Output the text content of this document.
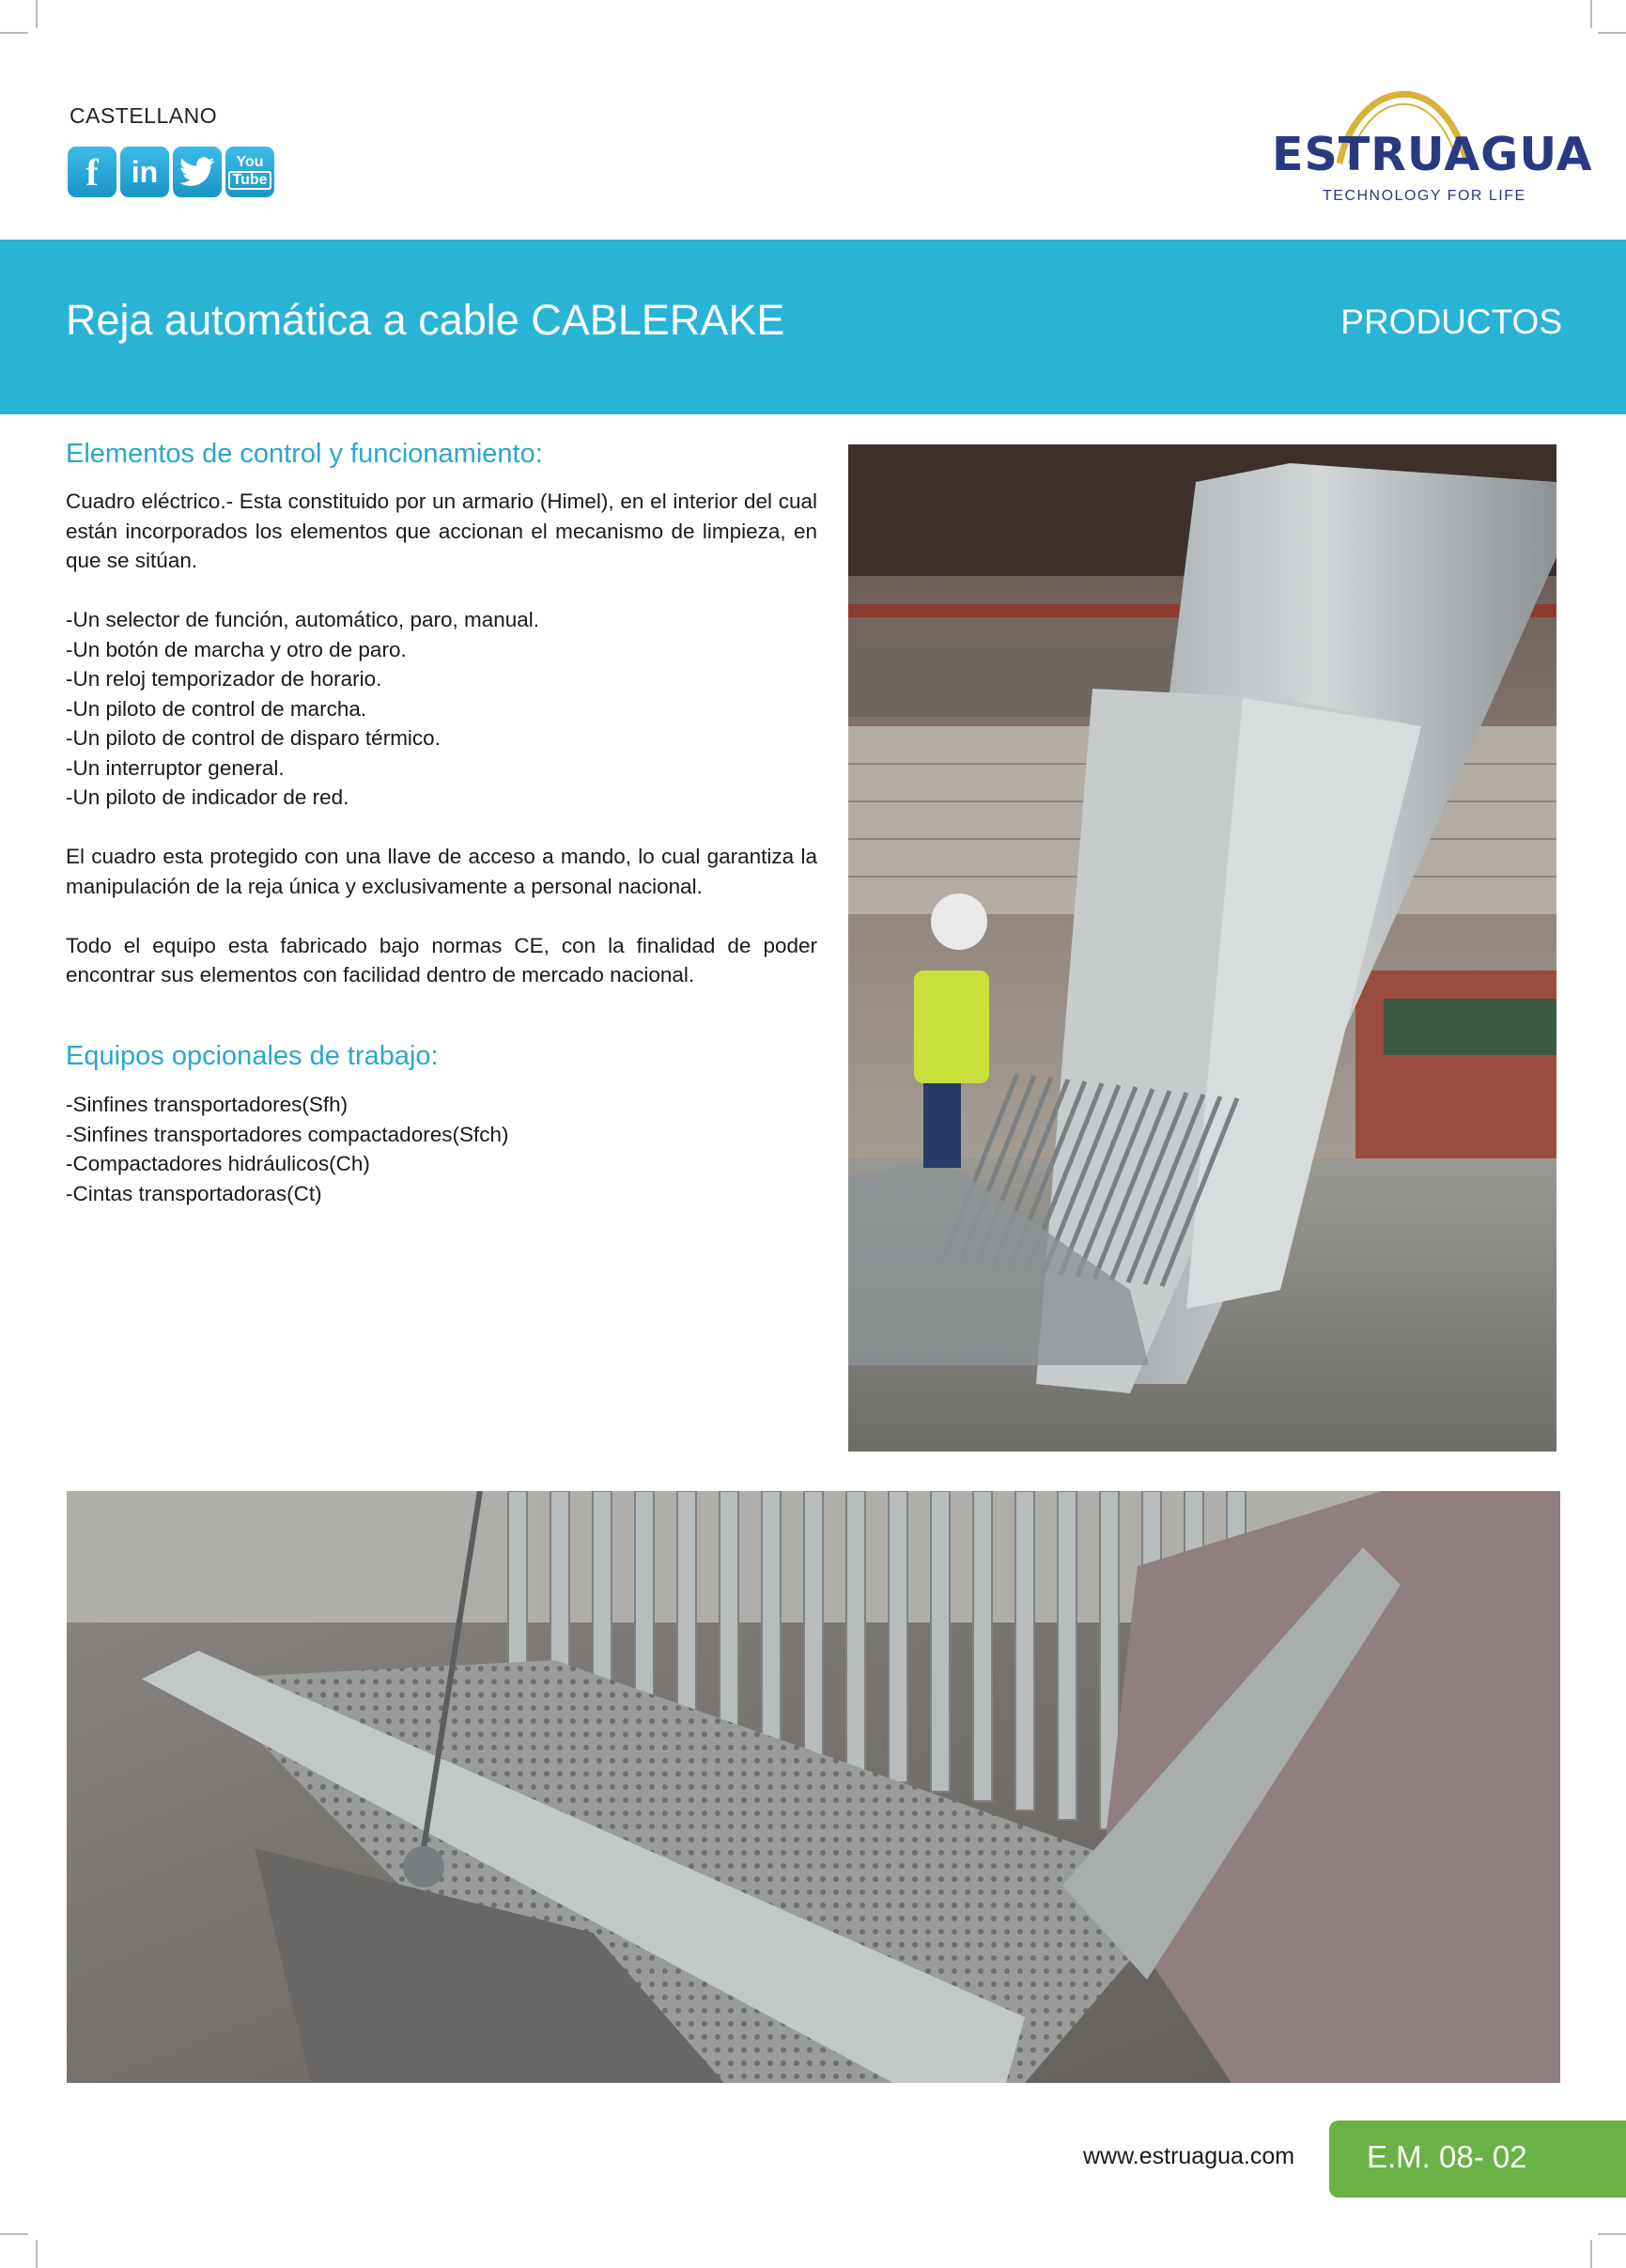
CASTELLANO
f in	You
Tube	ESTRUAGUA
TECHNOLOGY FOR LIFE
Reja automática a cable CABLERAKE	PRODUCTOS
Elementos de control y funcionamiento:

Cuadro eléctrico.- Esta constituido por un armario (Himel), en el interior del cual están incorporados los elementos que accionan el mecanismo de limpieza, en que se sitúan.

-Un selector de función, automático, paro, manual.

-Un botón de marcha y otro de paro.

-Un reloj temporizador de horario.

-Un piloto de control de marcha.

-Un piloto de control de disparo térmico.

-Un interruptor general.

-Un piloto de indicador de red.

El cuadro esta protegido con una llave de acceso a mando, lo cual garantiza la manipulación de la reja única y exclusivamente a personal nacional.

Todo el equipo esta fabricado bajo normas CE, con la finalidad de poder encontrar sus elementos con facilidad dentro de mercado nacional.

Equipos opcionales de trabajo:

-Sinfines transportadores(Sfh)

-Sinfines transportadores compactadores(Sfch)

-Compactadores hidráulicos(Ch)

-Cintas transportadoras(Ct)

www.estruagua.com E.M. 08- 02
